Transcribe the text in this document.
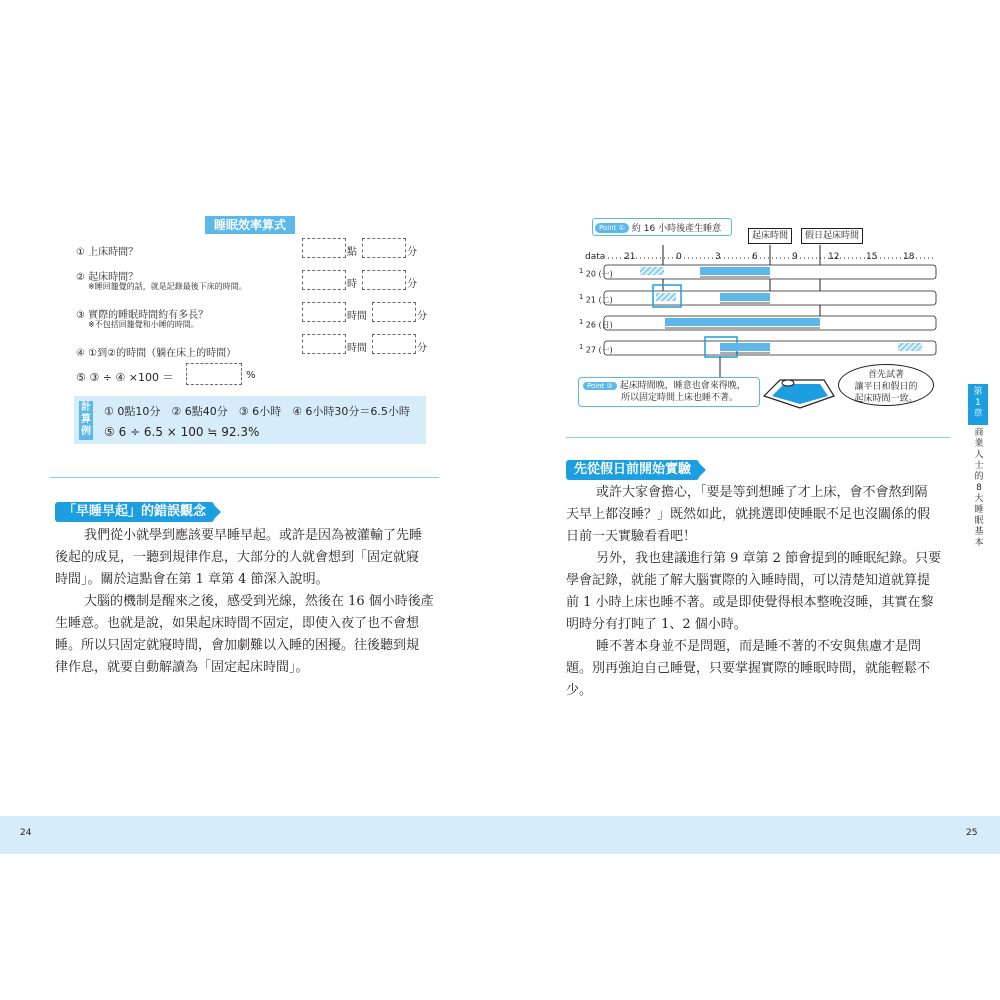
睡眠效率算式
① 上床時間？	點	分
② 起床時間？
※睡回籠覺的話，就是記錄最後下床的時間。	時	分
③ 實際的睡眠時間約有多長？
※不包括回籠覺和小睡的時間。
時間	分
④ ①到②的時間（躺在床上的時間）	時間	分
⑤ ③ ÷ ④ ×100 ＝	%
計算例
① 0點10分　② 6點40分　③ 6小時　④ 6小時30分＝6.5小時
⑤ 6 ÷ 6.5 × 100 ≒ 92.3%
「早睡早起」的錯誤觀念
我們從小就學到應該要早睡早起。或許是因為被灌輸了先睡
後起的成見，一聽到規律作息，大部分的人就會想到「固定就寢
時間」。關於這點會在第 1 章第 4 節深入說明。
大腦的機制是醒來之後，感受到光線，然後在 16 個小時後產
生睡意。也就是說，如果起床時間不固定，即使入夜了也不會想
睡。所以只固定就寢時間，會加劇難以入睡的困擾。往後聽到規
律作息，就要自動解讀為「固定起床時間」。
Point ① 約 16 小時後產生睡意
起床時間	假日起床時間
data 21	0	3	6	9	12	15	18
$^1$ 20 (一)
$^1$ 21 (二)
$^1$ 26 (日)
$^1$ 27 (一)
Point ② 起床時間晚，睡意也會來得晚，
所以固定時間上床也睡不著。
首先試著
讓平日和假日的
起床時間一致。
先從假日前開始實驗
或許大家會擔心，「要是等到想睡了才上床，會不會熬到隔
天早上都沒睡？」既然如此，就挑選即使睡眠不足也沒關係的假
日前一天實驗看看吧！
另外，我也建議進行第 9 章第 2 節會提到的睡眠紀錄。只要
學會記錄，就能了解大腦實際的入睡時間，可以清楚知道就算提
前 1 小時上床也睡不著。或是即使覺得根本整晚沒睡，其實在黎
明時分有打盹了 1、2 個小時。
睡不著本身並不是問題，而是睡不著的不安與焦慮才是問
題。別再強迫自己睡覺，只要掌握實際的睡眠時間，就能輕鬆不
少。
第1章
商業人士的8大睡眠基本
24	25
